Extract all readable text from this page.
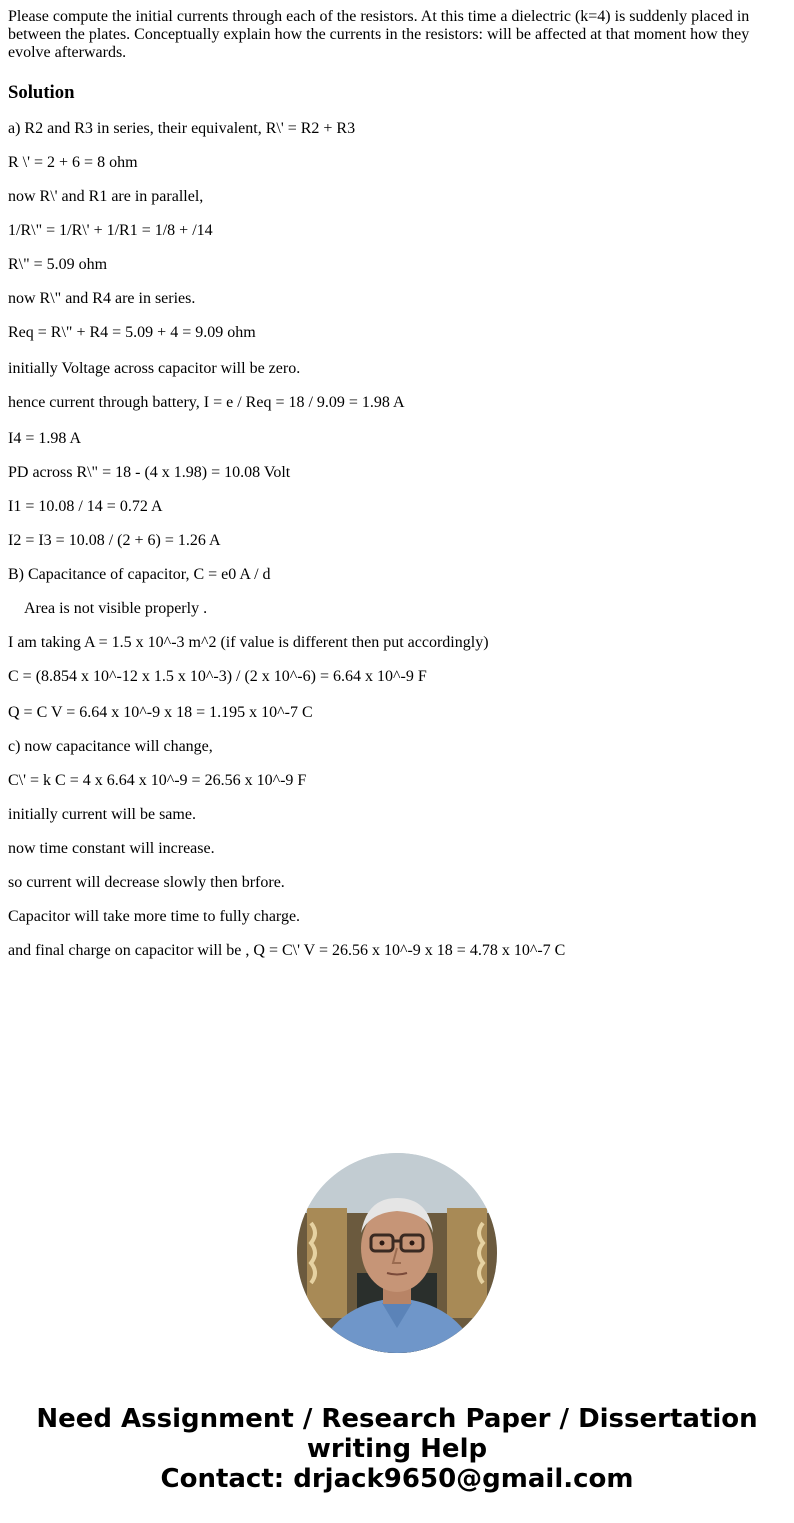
Please compute the initial currents through each of the resistors. At this time a dielectric (k=4) is suddenly placed in between the plates. Conceptually explain how the currents in the resistors: will be affected at that moment how they evolve afterwards.

Solution

a) R2 and R3 in series, their equivalent, R\' = R2 + R3

R \' = 2 + 6 = 8 ohm

now R\' and R1 are in parallel,

1/R\" = 1/R\' + 1/R1 = 1/8 + /14

R\" = 5.09 ohm

now R\" and R4 are in series.

Req = R\" + R4 = 5.09 + 4 = 9.09 ohm

initially Voltage across capacitor will be zero.

hence current through battery, I = e / Req = 18 / 9.09 = 1.98 A

I4 = 1.98 A

PD across R\" = 18 - (4 x 1.98) = 10.08 Volt

I1 = 10.08 / 14 = 0.72 A

I2 = I3 = 10.08 / (2 + 6) = 1.26 A

B) Capacitance of capacitor, C = e0 A / d

Area is not visible properly .

I am taking A = 1.5 x 10^-3 m^2 (if value is different then put accordingly)

C = (8.854 x 10^-12 x 1.5 x 10^-3) / (2 x 10^-6) = 6.64 x 10^-9 F

Q = C V = 6.64 x 10^-9 x 18 = 1.195 x 10^-7 C

c) now capacitance will change,

C\' = k C = 4 x 6.64 x 10^-9 = 26.56 x 10^-9 F

initially current will be same.

now time constant will increase.

so current will decrease slowly then brfore.

Capacitor will take more time to fully charge.

and final charge on capacitor will be , Q = C\' V = 26.56 x 10^-9 x 18 = 4.78 x 10^-7 C

Need Assignment / Research Paper / Dissertation
writing Help
Contact: drjack9650@gmail.com
